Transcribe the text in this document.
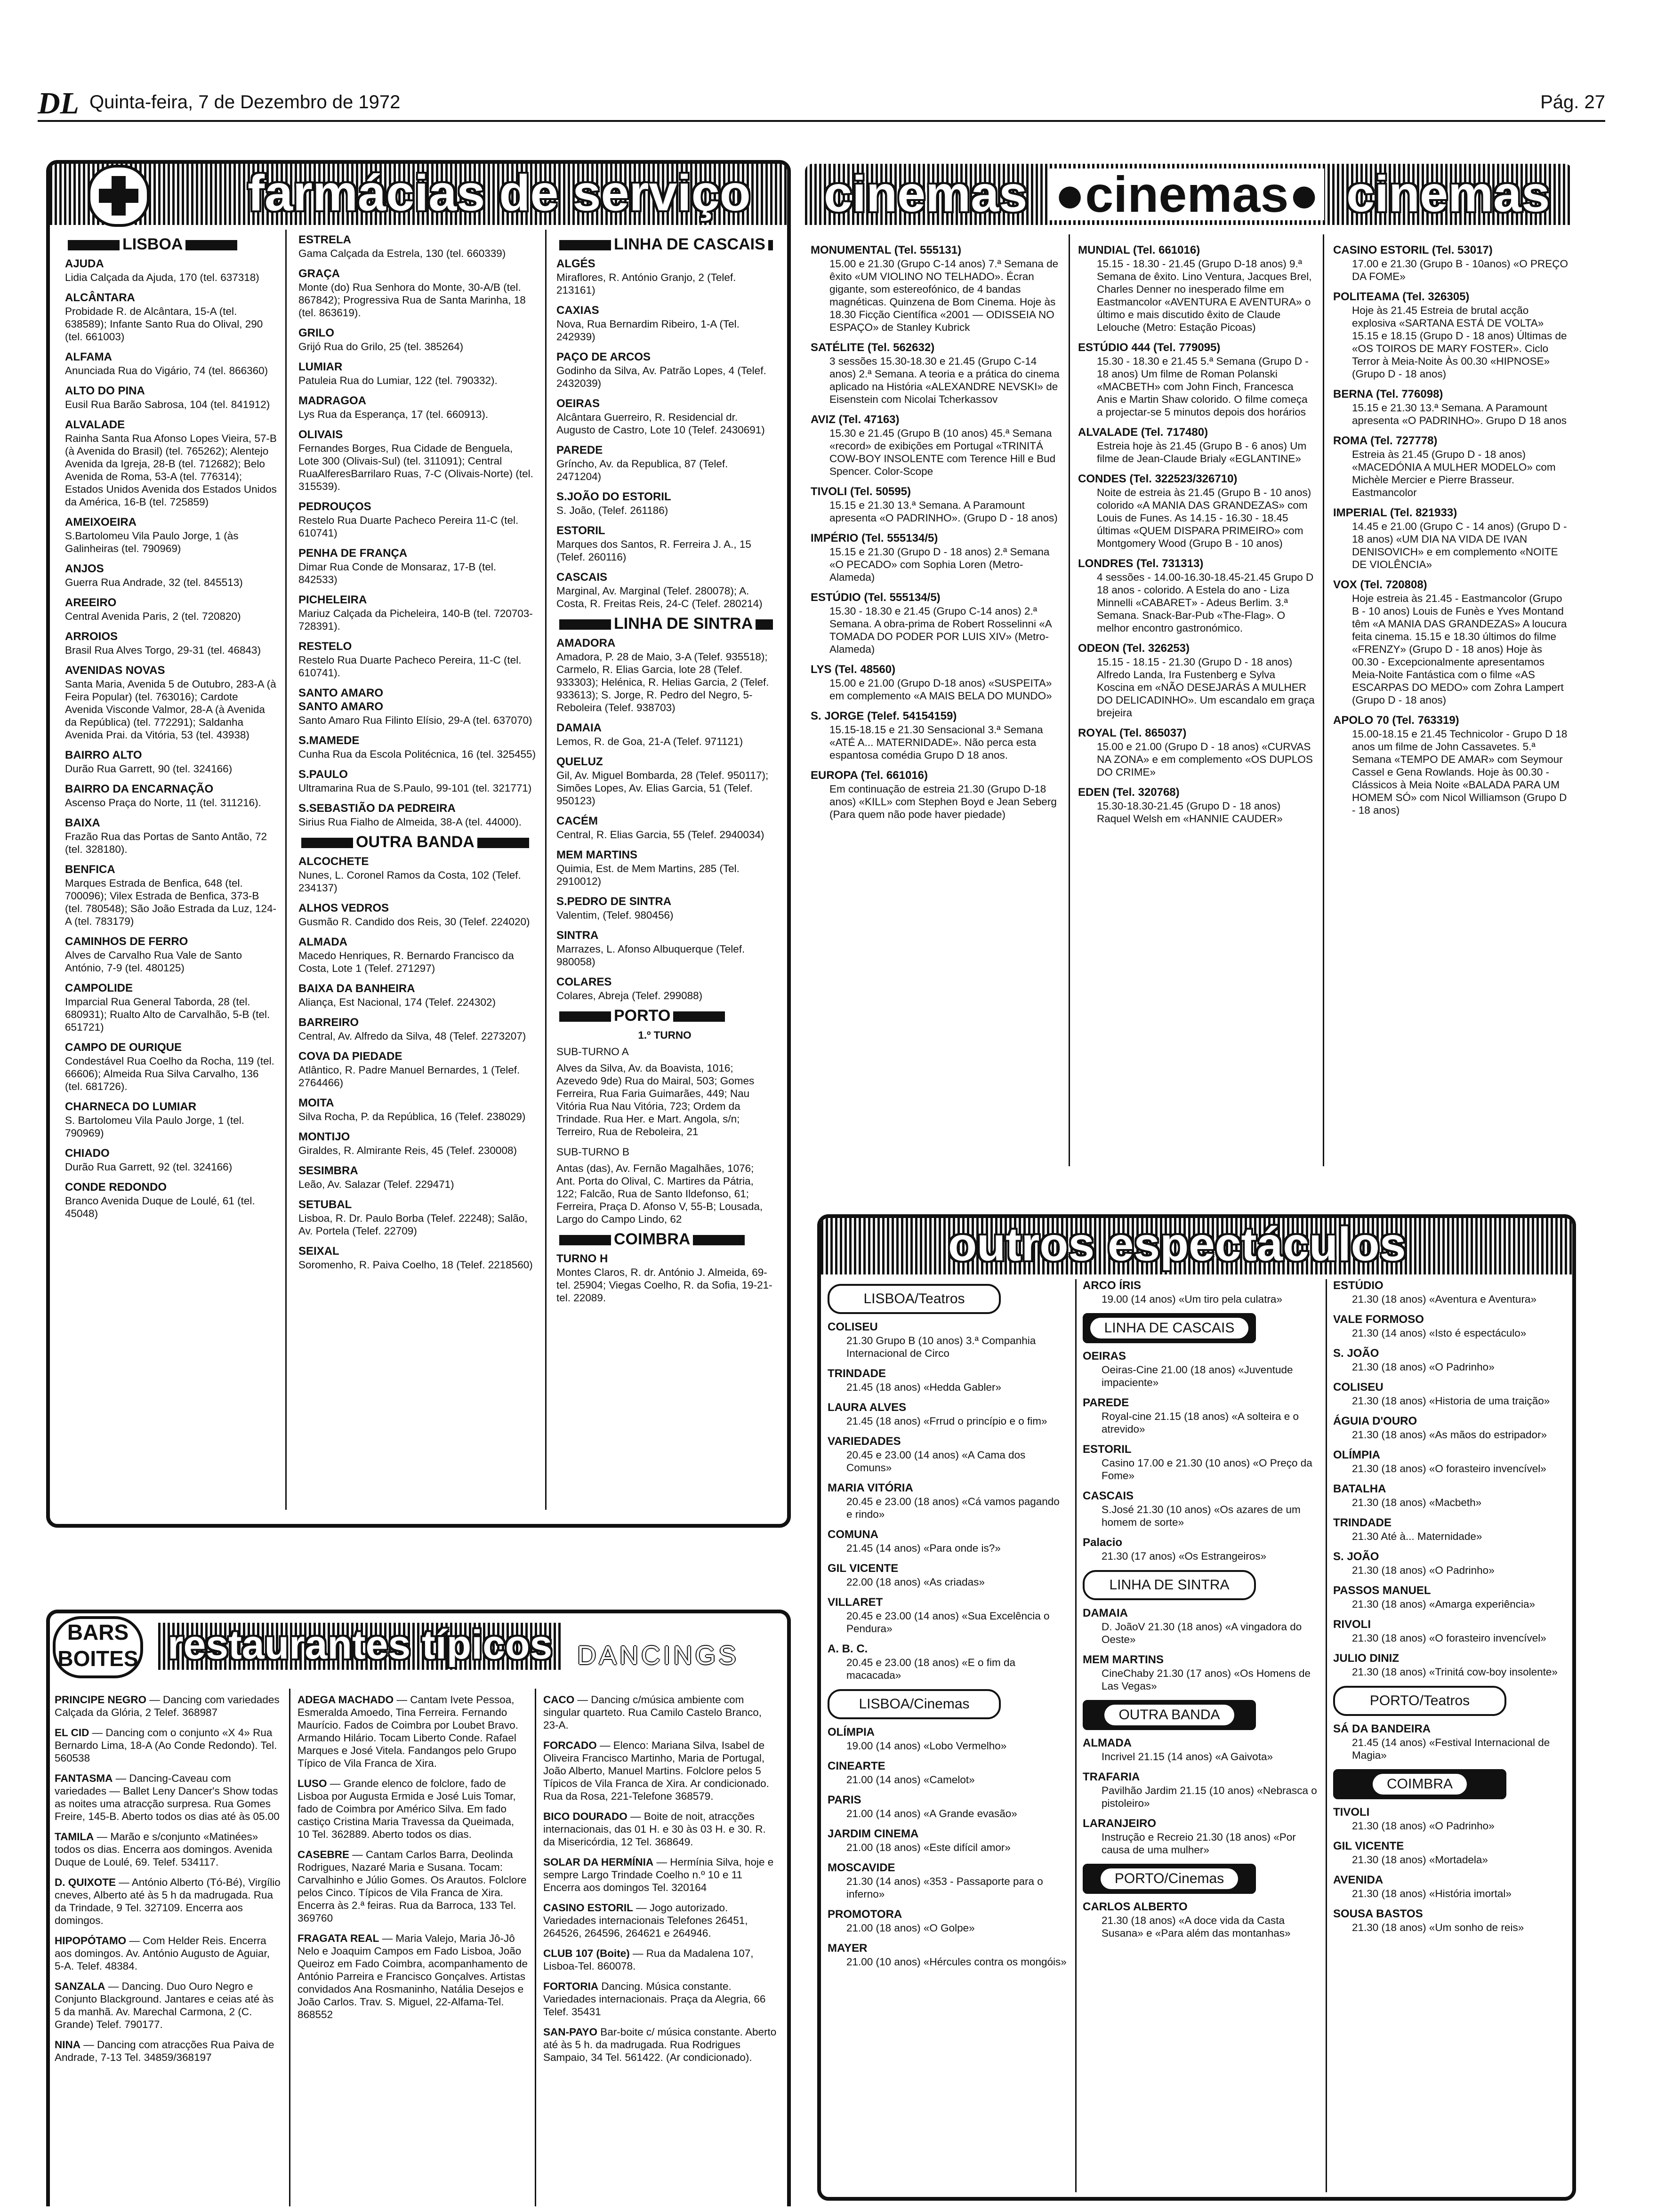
DL Quinta-feira, 7 de Dezembro de 1972	Pág. 27
farmácias de serviço
LISBOA

AJUDA

Lidia Calçada da Ajuda, 170 (tel. 637318)

ALCÂNTARA

Probidade R. de Alcântara, 15-A (tel. 638589); Infante Santo Rua do Olival, 290 (tel. 661003)

ALFAMA

Anunciada Rua do Vigário, 74 (tel. 866360)

ALTO DO PINA

Eusil Rua Barão Sabrosa, 104 (tel. 841912)

ALVALADE

Rainha Santa Rua Afonso Lopes Vieira, 57-B (à Avenida do Brasil) (tel. 765262); Alentejo Avenida da Igreja, 28-B (tel. 712682); Belo Avenida de Roma, 53-A (tel. 776314); Estados Unidos Avenida dos Estados Unidos da América, 16-B (tel. 725859)

AMEIXOEIRA

S.Bartolomeu Vila Paulo Jorge, 1 (às Galinheiras (tel. 790969)

ANJOS

Guerra Rua Andrade, 32 (tel. 845513)

AREEIRO

Central Avenida Paris, 2 (tel. 720820)

ARROIOS

Brasil Rua Alves Torgo, 29-31 (tel. 46843)

AVENIDAS NOVAS

Santa Maria, Avenida 5 de Outubro, 283-A (à Feira Popular) (tel. 763016); Cardote Avenida Visconde Valmor, 28-A (à Avenida da República) (tel. 772291); Saldanha Avenida Prai. da Vitória, 53 (tel. 43938)

BAIRRO ALTO

Durão Rua Garrett, 90 (tel. 324166)

BAIRRO DA ENCARNAÇÃO

Ascenso Praça do Norte, 11 (tel. 311216).

BAIXA

Frazão Rua das Portas de Santo Antão, 72 (tel. 328180).

BENFICA

Marques Estrada de Benfica, 648 (tel. 700096); Vilex Estrada de Benfica, 373-B (tel. 780548); São João Estrada da Luz, 124-A (tel. 783179)

CAMINHOS DE FERRO

Alves de Carvalho Rua Vale de Santo António, 7-9 (tel. 480125)

CAMPOLIDE

Imparcial Rua General Taborda, 28 (tel. 680931); Rualto Alto de Carvalhão, 5-B (tel. 651721)

CAMPO DE OURIQUE

Condestável Rua Coelho da Rocha, 119 (tel. 66606); Almeida Rua Silva Carvalho, 136 (tel. 681726).

CHARNECA DO LUMIAR

S. Bartolomeu Vila Paulo Jorge, 1 (tel. 790969)

CHIADO

Durão Rua Garrett, 92 (tel. 324166)

CONDE REDONDO

Branco Avenida Duque de Loulé, 61 (tel. 45048)

ESTRELA

Gama Calçada da Estrela, 130 (tel. 660339)

GRAÇA

Monte (do) Rua Senhora do Monte, 30-A/B (tel. 867842); Progressiva Rua de Santa Marinha, 18 (tel. 863619).

GRILO

Grijó Rua do Grilo, 25 (tel. 385264)

LUMIAR

Patuleia Rua do Lumiar, 122 (tel. 790332).

MADRAGOA

Lys Rua da Esperança, 17 (tel. 660913).

OLIVAIS

Fernandes Borges, Rua Cidade de Benguela, Lote 300 (Olivais-Sul) (tel. 311091); Central RuaAlferesBarrilaro Ruas, 7-C (Olivais-Norte) (tel. 315539).

PEDROUÇOS

Restelo Rua Duarte Pacheco Pereira 11-C (tel. 610741)

PENHA DE FRANÇA

Dimar Rua Conde de Monsaraz, 17-B (tel. 842533)

PICHELEIRA

Mariuz Calçada da Picheleira, 140-B (tel. 720703-728391).

RESTELO

Restelo Rua Duarte Pacheco Pereira, 11-C (tel. 610741).

SANTO AMARO

SANTO AMARO

Santo Amaro Rua Filinto Elísio, 29-A (tel. 637070)

S.MAMEDE

Cunha Rua da Escola Politécnica, 16 (tel. 325455)

S.PAULO

Ultramarina Rua de S.Paulo, 99-101 (tel. 321771)

S.SEBASTIÃO DA PEDREIRA

Sirius Rua Fialho de Almeida, 38-A (tel. 44000).

OUTRA BANDA

ALCOCHETE

Nunes, L. Coronel Ramos da Costa, 102 (Telef. 234137)

ALHOS VEDROS

Gusmão R. Candido dos Reis, 30 (Telef. 224020)

ALMADA

Macedo Henriques, R. Bernardo Francisco da Costa, Lote 1 (Telef. 271297)

BAIXA DA BANHEIRA

Aliança, Est Nacional, 174 (Telef. 224302)

BARREIRO

Central, Av. Alfredo da Silva, 48 (Telef. 2273207)

COVA DA PIEDADE

Atlântico, R. Padre Manuel Bernardes, 1 (Telef. 2764466)

MOITA

Silva Rocha, P. da República, 16 (Telef. 238029)

MONTIJO

Giraldes, R. Almirante Reis, 45 (Telef. 230008)

SESIMBRA

Leão, Av. Salazar (Telef. 229471)

SETUBAL

Lisboa, R. Dr. Paulo Borba (Telef. 22248); Salão, Av. Portela (Telef. 22709)

SEIXAL

Soromenho, R. Paiva Coelho, 18 (Telef. 2218560)

LINHA DE CASCAIS

ALGÉS

Miraflores, R. António Granjo, 2 (Telef. 213161)

CAXIAS

Nova, Rua Bernardim Ribeiro, 1-A (Tel. 242939)

PAÇO DE ARCOS

Godinho da Silva, Av. Patrão Lopes, 4 (Telef. 2432039)

OEIRAS

Alcântara Guerreiro, R. Residencial dr. Augusto de Castro, Lote 10 (Telef. 2430691)

PAREDE

Gríncho, Av. da Republica, 87 (Telef. 2471204)

S.JOÃO DO ESTORIL

S. João, (Telef. 261186)

ESTORIL

Marques dos Santos, R. Ferreira J. A., 15 (Telef. 260116)

CASCAIS

Marginal, Av. Marginal (Telef. 280078); A. Costa, R. Freitas Reis, 24-C (Telef. 280214)

LINHA DE SINTRA

AMADORA

Amadora, P. 28 de Maio, 3-A (Telef. 935518); Carmelo, R. Elias Garcia, lote 28 (Telef. 933303); Helénica, R. Helias Garcia, 2 (Telef. 933613); S. Jorge, R. Pedro del Negro, 5-Reboleira (Telef. 938703)

DAMAIA

Lemos, R. de Goa, 21-A (Telef. 971121)

QUELUZ

Gil, Av. Miguel Bombarda, 28 (Telef. 950117); Simões Lopes, Av. Elias Garcia, 51 (Telef. 950123)

CACÉM

Central, R. Elias Garcia, 55 (Telef. 2940034)

MEM MARTINS

Quimia, Est. de Mem Martins, 285 (Tel. 2910012)

S.PEDRO DE SINTRA

Valentim, (Telef. 980456)

SINTRA

Marrazes, L. Afonso Albuquerque (Telef. 980058)

COLARES

Colares, Abreja (Telef. 299088)

PORTO

1.º TURNO

SUB-TURNO A

Alves da Silva, Av. da Boavista, 1016; Azevedo 9de) Rua do Mairal, 503; Gomes Ferreira, Rua Faria Guimarães, 449; Nau Vitória Rua Nau Vitória, 723; Ordem da Trindade. Rua Her. e Mart. Angola, s/n; Terreiro, Rua de Reboleira, 21

SUB-TURNO B

Antas (das), Av. Fernão Magalhães, 1076; Ant. Porta do Olival, C. Martires da Pátria, 122; Falcão, Rua de Santo Ildefonso, 61; Ferreira, Praça D. Afonso V, 55-B; Lousada, Largo do Campo Lindo, 62

COIMBRA

TURNO H

Montes Claros, R. dr. António J. Almeida, 69-tel. 25904; Viegas Coelho, R. da Sofia, 19-21-tel. 22089.

cinemas ●cinemas● cinemas

MONUMENTAL (Tel. 555131)

15.00 e 21.30 (Grupo C-14 anos) 7.ª Semana de êxito «UM VIOLINO NO TELHADO». Écran gigante, som estereofónico, de 4 bandas magnéticas. Quinzena de Bom Cinema. Hoje às 18.30 Ficção Científica «2001 — ODISSEIA NO ESPAÇO» de Stanley Kubrick

SATÉLITE (Tel. 562632)

3 sessões 15.30-18.30 e 21.45 (Grupo C-14 anos) 2.ª Semana. A teoria e a prática do cinema aplicado na História «ALEXANDRE NEVSKI» de Eisenstein com Nicolai Tcherkassov

AVIZ (Tel. 47163)

15.30 e 21.45 (Grupo B (10 anos) 45.ª Semana «record» de exibições em Portugal «TRINITÁ COW-BOY INSOLENTE com Terence Hill e Bud Spencer. Color-Scope

TIVOLI (Tel. 50595)

15.15 e 21.30 13.ª Semana. A Paramount apresenta «O PADRINHO». (Grupo D - 18 anos)

IMPÉRIO (Tel. 555134/5)

15.15 e 21.30 (Grupo D - 18 anos) 2.ª Semana «O PECADO» com Sophia Loren (Metro-Alameda)

ESTÚDIO (Tel. 555134/5)

15.30 - 18.30 e 21.45 (Grupo C-14 anos) 2.ª Semana. A obra-prima de Robert Rosselinni «A TOMADA DO PODER POR LUIS XIV» (Metro-Alameda)

LYS (Tel. 48560)

15.00 e 21.00 (Grupo D-18 anos) «SUSPEITA» em complemento «A MAIS BELA DO MUNDO»

S. JORGE (Telef. 54154159)

15.15-18.15 e 21.30 Sensacional 3.ª Semana «ATÉ A... MATERNIDADE». Não perca esta espantosa comédia Grupo D 18 anos.

EUROPA (Tel. 661016)

Em continuação de estreia 21.30 (Grupo D-18 anos) «KILL» com Stephen Boyd e Jean Seberg (Para quem não pode haver piedade)

MUNDIAL (Tel. 661016)

15.15 - 18.30 - 21.45 (Grupo D-18 anos) 9.ª Semana de êxito. Lino Ventura, Jacques Brel, Charles Denner no inesperado filme em Eastmancolor «AVENTURA E AVENTURA» o último e mais discutido êxito de Claude Lelouche (Metro: Estação Picoas)

ESTÚDIO 444 (Tel. 779095)

15.30 - 18.30 e 21.45 5.ª Semana (Grupo D - 18 anos) Um filme de Roman Polanski «MACBETH» com John Finch, Francesca Anis e Martin Shaw colorido. O filme começa a projectar-se 5 minutos depois dos horários

ALVALADE (Tel. 717480)

Estreia hoje às 21.45 (Grupo B - 6 anos) Um filme de Jean-Claude Brialy «EGLANTINE»

CONDES (Tel. 322523/326710)

Noite de estreia às 21.45 (Grupo B - 10 anos) colorido «A MANIA DAS GRANDEZAS» com Louis de Funes. As 14.15 - 16.30 - 18.45 últimas «QUEM DISPARA PRIMEIRO» com Montgomery Wood (Grupo B - 10 anos)

LONDRES (Tel. 731313)

4 sessões - 14.00-16.30-18.45-21.45 Grupo D 18 anos - colorido. A Estela do ano - Liza Minnelli «CABARET» - Adeus Berlim. 3.ª Semana. Snack-Bar-Pub «The-Flag». O melhor encontro gastronómico.

ODEON (Tel. 326253)

15.15 - 18.15 - 21.30 (Grupo D - 18 anos) Alfredo Landa, Ira Fustenberg e Sylva Koscina em «NÃO DESEJARÁS A MULHER DO DELICADINHO». Um escandalo em graça brejeira

ROYAL (Tel. 865037)

15.00 e 21.00 (Grupo D - 18 anos) «CURVAS NA ZONA» e em complemento «OS DUPLOS DO CRIME»

EDEN (Tel. 320768)

15.30-18.30-21.45 (Grupo D - 18 anos) Raquel Welsh em «HANNIE CAUDER»

CASINO ESTORIL (Tel. 53017)

17.00 e 21.30 (Grupo B - 10anos) «O PREÇO DA FOME»

POLITEAMA (Tel. 326305)

Hoje às 21.45 Estreia de brutal acção explosiva «SARTANA ESTÁ DE VOLTA» 15.15 e 18.15 (Grupo D - 18 anos) Últimas de «OS TOIROS DE MARY FOSTER». Ciclo Terror à Meia-Noite Às 00.30 «HIPNOSE» (Grupo D - 18 anos)

BERNA (Tel. 776098)

15.15 e 21.30 13.ª Semana. A Paramount apresenta «O PADRINHO». Grupo D 18 anos

ROMA (Tel. 727778)

Estreia às 21.45 (Grupo D - 18 anos) «MACEDÓNIA A MULHER MODELO» com Michèle Mercier e Pierre Brasseur. Eastmancolor

IMPERIAL (Tel. 821933)

14.45 e 21.00 (Grupo C - 14 anos) (Grupo D - 18 anos) «UM DIA NA VIDA DE IVAN DENISOVICH» e em complemento «NOITE DE VIOLÊNCIA»

VOX (Tel. 720808)

Hoje estreia às 21.45 - Eastmancolor (Grupo B - 10 anos) Louis de Funès e Yves Montand têm «A MANIA DAS GRANDEZAS» A loucura feita cinema. 15.15 e 18.30 últimos do filme «FRENZY» (Grupo D - 18 anos) Hoje às 00.30 - Excepcionalmente apresentamos Meia-Noite Fantástica com o filme «AS ESCARPAS DO MEDO» com Zohra Lampert (Grupo D - 18 anos)

APOLO 70 (Tel. 763319)

15.00-18.15 e 21.45 Technicolor - Grupo D 18 anos um filme de John Cassavetes. 5.ª Semana «TEMPO DE AMAR» com Seymour Cassel e Gena Rowlands. Hoje às 00.30 - Clássicos à Meia Noite «BALADA PARA UM HOMEM SÓ» com Nicol Williamson (Grupo D - 18 anos)

outros espectáculos
LISBOA/Teatros

COLISEU

21.30 Grupo B (10 anos) 3.ª Companhia Internacional de Circo

TRINDADE

21.45 (18 anos) «Hedda Gabler»

LAURA ALVES

21.45 (18 anos) «Frrud o princípio e o fim»

VARIEDADES

20.45 e 23.00 (14 anos) «A Cama dos Comuns»

MARIA VITÓRIA

20.45 e 23.00 (18 anos) «Cá vamos pagando e rindo»

COMUNA

21.45 (14 anos) «Para onde is?»

GIL VICENTE

22.00 (18 anos) «As criadas»

VILLARET

20.45 e 23.00 (14 anos) «Sua Excelência o Pendura»

A. B. C.

20.45 e 23.00 (18 anos) «E o fim da macacada»

LISBOA/Cinemas

OLÍMPIA

19.00 (14 anos) «Lobo Vermelho»

CINEARTE

21.00 (14 anos) «Camelot»

PARIS

21.00 (14 anos) «A Grande evasão»

JARDIM CINEMA

21.00 (18 anos) «Este difícil amor»

MOSCAVIDE

21.30 (14 anos) «353 - Passaporte para o inferno»

PROMOTORA

21.00 (18 anos) «O Golpe»

MAYER

21.00 (10 anos) «Hércules contra os mongóis»

ARCO ÍRIS

19.00 (14 anos) «Um tiro pela culatra»

LINHA DE CASCAIS

OEIRAS

Oeiras-Cine 21.00 (18 anos) «Juventude impaciente»

PAREDE

Royal-cine 21.15 (18 anos) «A solteira e o atrevido»

ESTORIL

Casino 17.00 e 21.30 (10 anos) «O Preço da Fome»

CASCAIS

S.José 21.30 (10 anos) «Os azares de um homem de sorte»

Palacio

21.30 (17 anos) «Os Estrangeiros»

LINHA DE SINTRA

DAMAIA

D. JoãoV 21.30 (18 anos) «A vingadora do Oeste»

MEM MARTINS

CineChaby 21.30 (17 anos) «Os Homens de Las Vegas»

OUTRA BANDA

ALMADA

Incrivel 21.15 (14 anos) «A Gaivota»

TRAFARIA

Pavilhão Jardim 21.15 (10 anos) «Nebrasca o pistoleiro»

LARANJEIRO

Instrução e Recreio 21.30 (18 anos) «Por causa de uma mulher»

PORTO/Cinemas

CARLOS ALBERTO

21.30 (18 anos) «A doce vida da Casta Susana» e «Para além das montanhas»

ESTÚDIO

21.30 (18 anos) «Aventura e Aventura»

VALE FORMOSO

21.30 (14 anos) «Isto é espectáculo»

S. JOÃO

21.30 (18 anos) «O Padrinho»

COLISEU

21.30 (18 anos) «Historia de uma traição»

ÁGUIA D'OURO

21.30 (18 anos) «As mãos do estripador»

OLÍMPIA

21.30 (18 anos) «O forasteiro invencível»

BATALHA

21.30 (18 anos) «Macbeth»

TRINDADE

21.30 Até à... Maternidade»

S. JOÃO

21.30 (18 anos) «O Padrinho»

PASSOS MANUEL

21.30 (18 anos) «Amarga experiência»

RIVOLI

21.30 (18 anos) «O forasteiro invencível»

JULIO DINIZ

21.30 (18 anos) «Trinitá cow-boy insolente»

PORTO/Teatros

SÁ DA BANDEIRA

21.45 (14 anos) «Festival Internacional de Magia»

COIMBRA

TIVOLI

21.30 (18 anos) «O Padrinho»

GIL VICENTE

21.30 (18 anos) «Mortadela»

AVENIDA

21.30 (18 anos) «História imortal»

SOUSA BASTOS

21.30 (18 anos) «Um sonho de reis»

restaurantes típicos
BARS BOITES	DANCINGS

PRINCIPE NEGRO — Dancing com variedades Calçada da Glória, 2 Telef. 368987

EL CID — Dancing com o conjunto «X 4» Rua Bernardo Lima, 18-A (Ao Conde Redondo). Tel. 560538

FANTASMA — Dancing-Caveau com variedades — Ballet Leny Dancer's Show todas as noites uma atracção surpresa. Rua Gomes Freire, 145-B. Aberto todos os dias até às 05.00

TAMILA — Marão e s/conjunto «Matinées» todos os dias. Encerra aos domingos. Avenida Duque de Loulé, 69. Telef. 534117.

D. QUIXOTE — António Alberto (Tó-Bé), Virgílio cneves, Alberto até às 5 h da madrugada. Rua da Trindade, 9 Tel. 327109. Encerra aos domingos.

HIPOPÓTAMO — Com Helder Reis. Encerra aos domingos. Av. António Augusto de Aguiar, 5-A. Telef. 48384.

SANZALA — Dancing. Duo Ouro Negro e Conjunto Blackground. Jantares e ceias até às 5 da manhã. Av. Marechal Carmona, 2 (C. Grande) Telef. 790177.

NINA — Dancing com atracções Rua Paiva de Andrade, 7-13 Tel. 34859/368197

ADEGA MACHADO — Cantam Ivete Pessoa, Esmeralda Amoedo, Tina Ferreira. Fernando Maurício. Fados de Coimbra por Loubet Bravo. Armando Hilário. Tocam Liberto Conde. Rafael Marques e José Vitela. Fandangos pelo Grupo Típico de Vila Franca de Xira.

LUSO — Grande elenco de folclore, fado de Lisboa por Augusta Ermida e José Luis Tomar, fado de Coimbra por Américo Silva. Em fado castiço Cristina Maria Travessa da Queimada, 10 Tel. 362889. Aberto todos os dias.

CASEBRE — Cantam Carlos Barra, Deolinda Rodrigues, Nazaré Maria e Susana. Tocam: Carvalhinho e Júlio Gomes. Os Arautos. Folclore pelos Cinco. Típicos de Vila Franca de Xira. Encerra às 2.ª feiras. Rua da Barroca, 133 Tel. 369760

FRAGATA REAL — Maria Valejo, Maria Jô-Jô Nelo e Joaquim Campos em Fado Lisboa, João Queiroz em Fado Coimbra, acompanhamento de António Parreira e Francisco Gonçalves. Artistas convidados Ana Rosmaninho, Natália Desejos e João Carlos. Trav. S. Miguel, 22-Alfama-Tel. 868552

CACO — Dancing c/música ambiente com singular quartetо. Rua Camilo Castelo Branco, 23-A.

FORCADO — Elenco: Mariana Silva, Isabel de Oliveira Francisco Martinho, Maria de Portugal, João Alberto, Manuel Martins. Folclore pelos 5 Típicos de Vila Franca de Xira. Ar condicionado. Rua da Rosa, 221-Telefone 368579.

BICO DOURADO — Boite de noit, atracções internacionais, das 01 H. e 30 às 03 H. e 30. R. da Misericórdia, 12 Tel. 368649.

SOLAR DA HERMÍNIA — Hermínia Silva, hoje e sempre Largo Trindade Coelho n.º 10 e 11 Encerra aos domingos Tel. 320164

CASINO ESTORIL — Jogo autorizado. Variedades internacionais Telefones 26451, 264526, 264596, 264621 e 264946.

CLUB 107 (Boite) — Rua da Madalena 107, Lisboa-Tel. 860078.

FORTORIA Dancing. Música constante. Variedades internacionais. Praça da Alegria, 66 Telef. 35431

SAN-PAYO Bar-boite c/ música constante. Aberto até às 5 h. da madrugada. Rua Rodrigues Sampaio, 34 Tel. 561422. (Ar condicionado).
